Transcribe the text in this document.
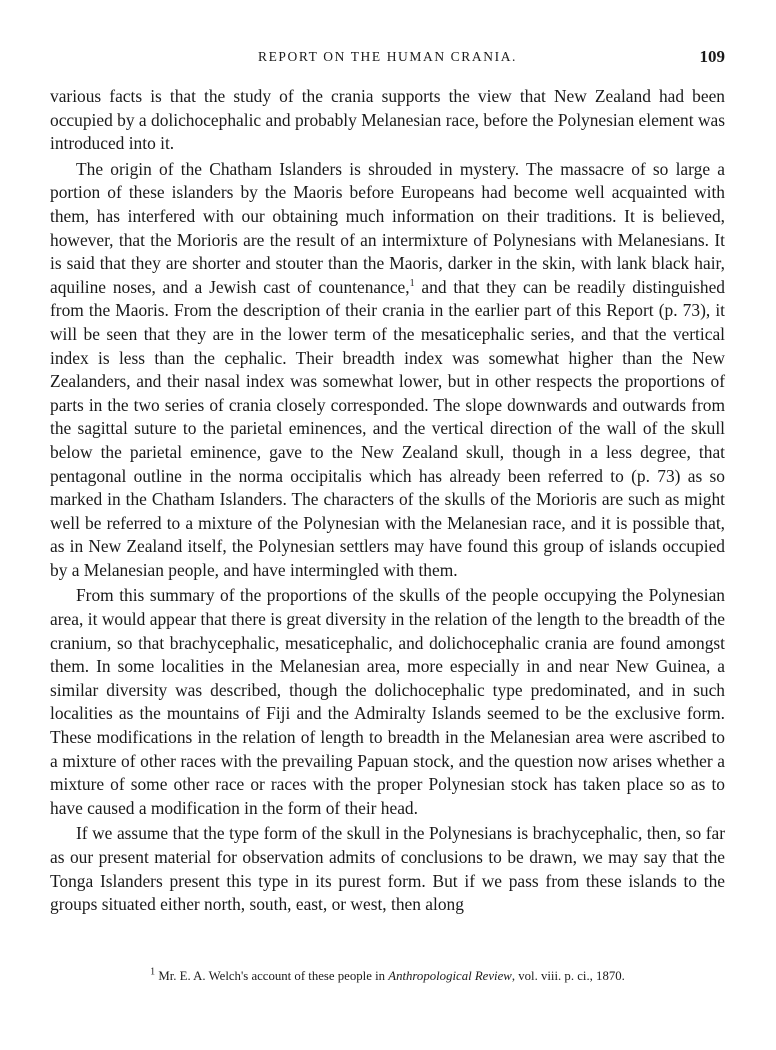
REPORT ON THE HUMAN CRANIA.	109

various facts is that the study of the crania supports the view that New Zealand had been occupied by a dolichocephalic and probably Melanesian race, before the Polynesian element was introduced into it.

The origin of the Chatham Islanders is shrouded in mystery. The massacre of so large a portion of these islanders by the Maoris before Europeans had become well acquainted with them, has interfered with our obtaining much information on their traditions. It is believed, however, that the Morioris are the result of an intermixture of Polynesians with Melanesians. It is said that they are shorter and stouter than the Maoris, darker in the skin, with lank black hair, aquiline noses, and a Jewish cast of countenance,$^1$ and that they can be readily distinguished from the Maoris. From the description of their crania in the earlier part of this Report (p. 73), it will be seen that they are in the lower term of the mesaticephalic series, and that the vertical index is less than the cephalic. Their breadth index was somewhat higher than the New Zealanders, and their nasal index was somewhat lower, but in other respects the proportions of parts in the two series of crania closely corresponded. The slope downwards and outwards from the sagittal suture to the parietal eminences, and the vertical direction of the wall of the skull below the parietal eminence, gave to the New Zealand skull, though in a less degree, that pentagonal outline in the norma occipitalis which has already been referred to (p. 73) as so marked in the Chatham Islanders. The characters of the skulls of the Morioris are such as might well be referred to a mixture of the Polynesian with the Melanesian race, and it is possible that, as in New Zealand itself, the Polynesian settlers may have found this group of islands occupied by a Melanesian people, and have intermingled with them.

From this summary of the proportions of the skulls of the people occupying the Polynesian area, it would appear that there is great diversity in the relation of the length to the breadth of the cranium, so that brachycephalic, mesaticephalic, and dolichocephalic crania are found amongst them. In some localities in the Melanesian area, more especially in and near New Guinea, a similar diversity was described, though the dolichocephalic type predominated, and in such localities as the mountains of Fiji and the Admiralty Islands seemed to be the exclusive form. These modifications in the relation of length to breadth in the Melanesian area were ascribed to a mixture of other races with the prevailing Papuan stock, and the question now arises whether a mixture of some other race or races with the proper Polynesian stock has taken place so as to have caused a modification in the form of their head.

If we assume that the type form of the skull in the Polynesians is brachycephalic, then, so far as our present material for observation admits of conclusions to be drawn, we may say that the Tonga Islanders present this type in its purest form. But if we pass from these islands to the groups situated either north, south, east, or west, then along

$^1$ Mr. E. A. Welch's account of these people in Anthropological Review, vol. viii. p. ci., 1870.
